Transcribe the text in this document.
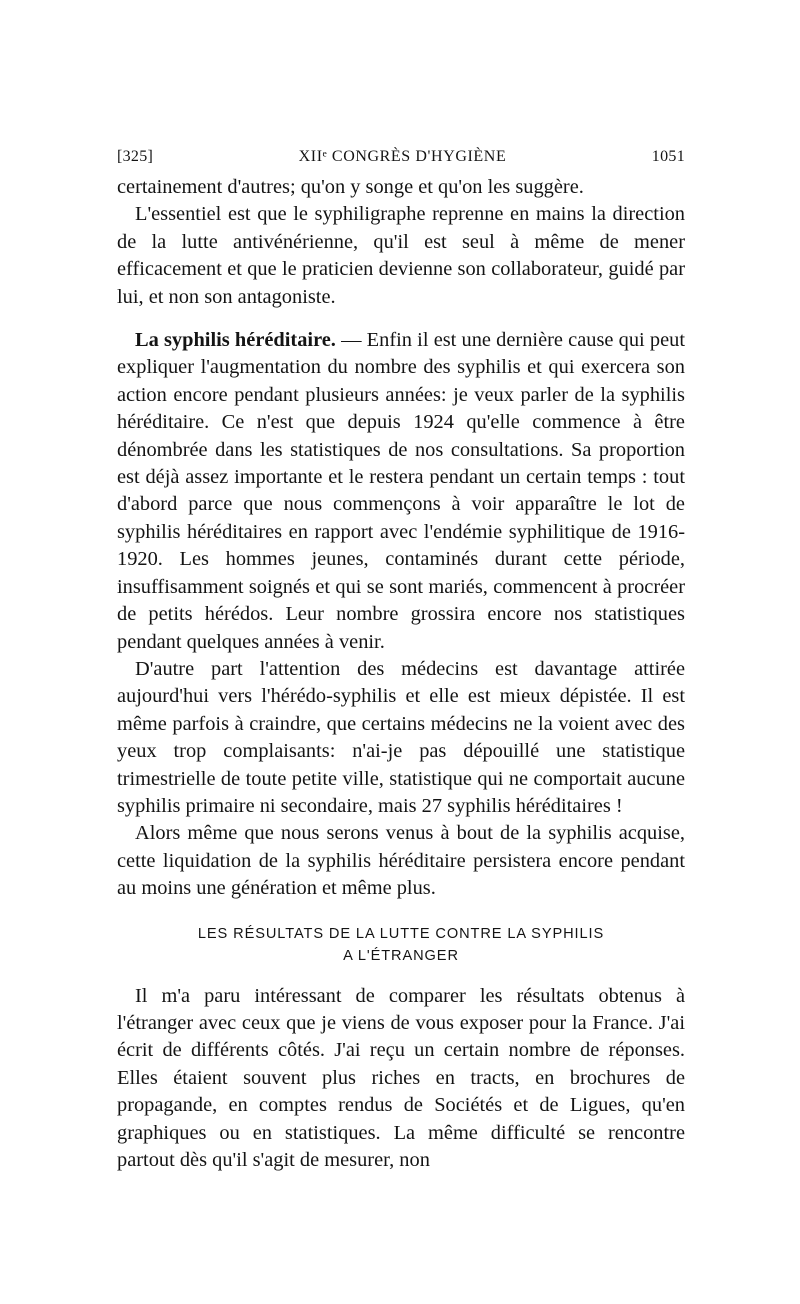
[325]	XIIᵉ CONGRÈS D'HYGIÈNE	1051

certainement d'autres; qu'on y songe et qu'on les suggère.

L'essentiel est que le syphiligraphe reprenne en mains la direction de la lutte antivénérienne, qu'il est seul à même de mener efficacement et que le praticien devienne son collaborateur, guidé par lui, et non son antagoniste.

La syphilis héréditaire. — Enfin il est une dernière cause qui peut expliquer l'augmentation du nombre des syphilis et qui exercera son action encore pendant plusieurs années: je veux parler de la syphilis héréditaire. Ce n'est que depuis 1924 qu'elle commence à être dénombrée dans les statistiques de nos consultations. Sa proportion est déjà assez importante et le restera pendant un certain temps : tout d'abord parce que nous commençons à voir apparaître le lot de syphilis héréditaires en rapport avec l'endémie syphilitique de 1916-1920. Les hommes jeunes, contaminés durant cette période, insuffisamment soignés et qui se sont mariés, commencent à procréer de petits hérédos. Leur nombre grossira encore nos statistiques pendant quelques années à venir.

D'autre part l'attention des médecins est davantage attirée aujourd'hui vers l'hérédo-syphilis et elle est mieux dépistée. Il est même parfois à craindre, que certains médecins ne la voient avec des yeux trop complaisants: n'ai-je pas dépouillé une statistique trimestrielle de toute petite ville, statistique qui ne comportait aucune syphilis primaire ni secondaire, mais 27 syphilis héréditaires !

Alors même que nous serons venus à bout de la syphilis acquise, cette liquidation de la syphilis héréditaire persistera encore pendant au moins une génération et même plus.

LES RÉSULTATS DE LA LUTTE CONTRE LA SYPHILIS
A L'ÉTRANGER

Il m'a paru intéressant de comparer les résultats obtenus à l'étranger avec ceux que je viens de vous exposer pour la France. J'ai écrit de différents côtés. J'ai reçu un certain nombre de réponses. Elles étaient souvent plus riches en tracts, en brochures de propagande, en comptes rendus de Sociétés et de Ligues, qu'en graphiques ou en statistiques. La même difficulté se rencontre partout dès qu'il s'agit de mesurer, non
